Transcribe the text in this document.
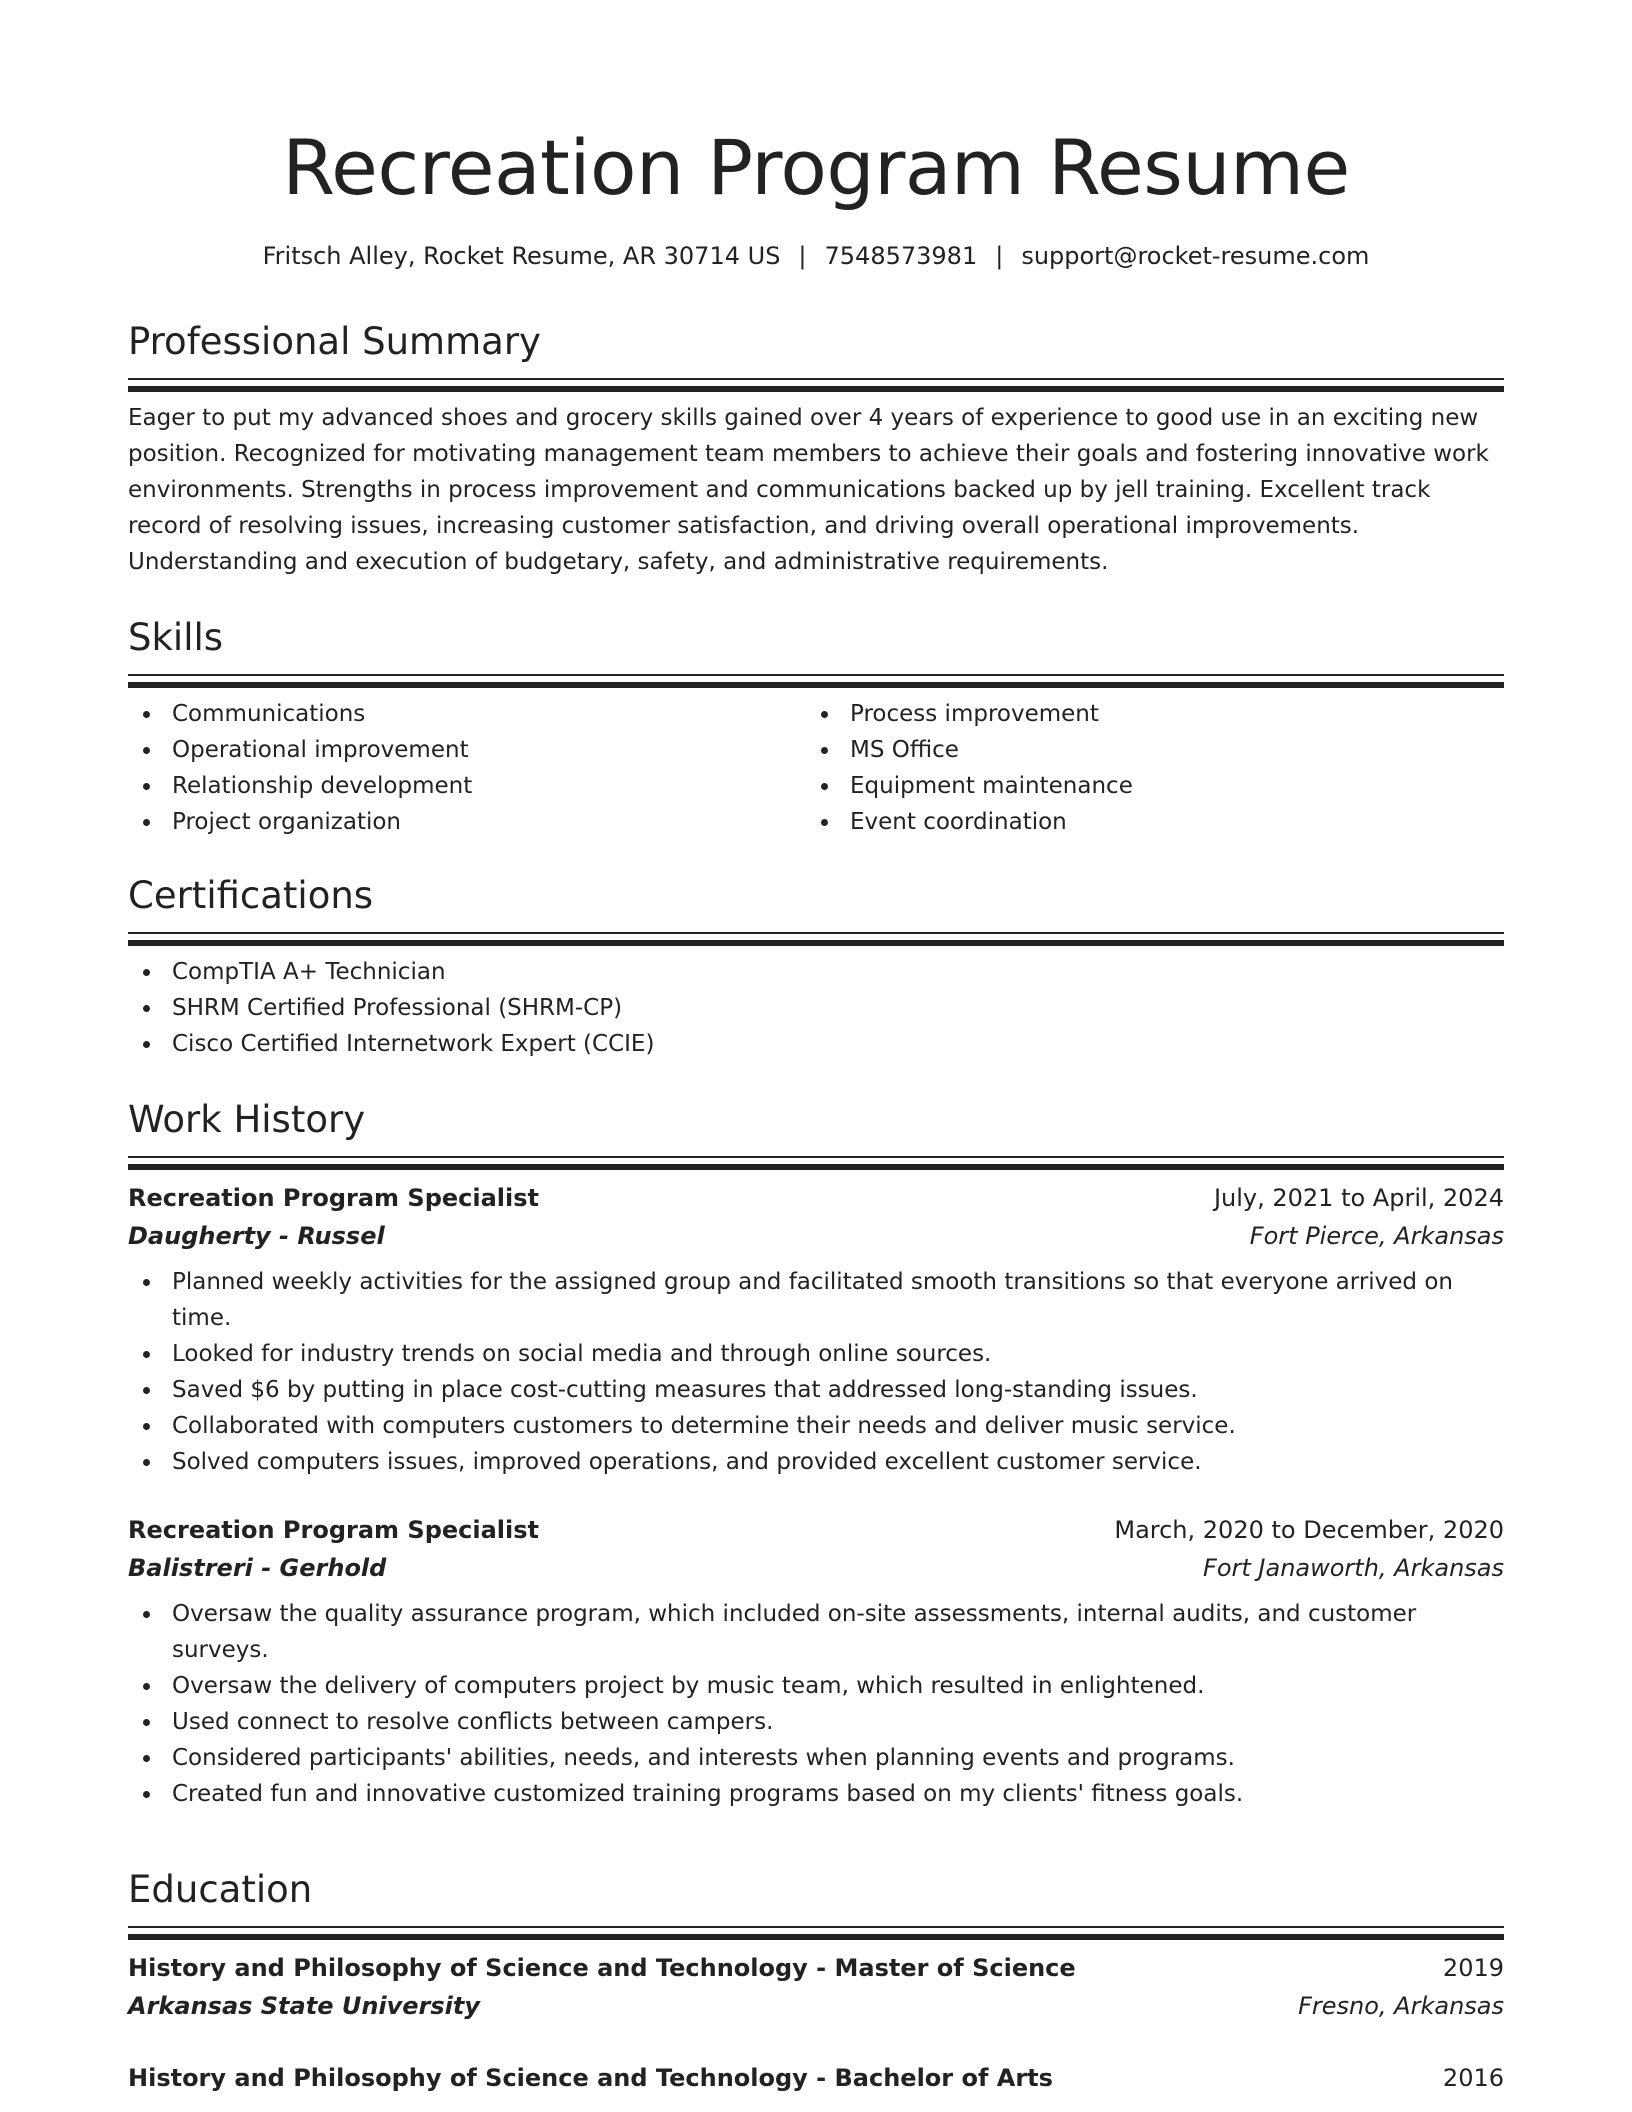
Recreation Program Resume
Fritsch Alley, Rocket Resume, AR 30714 US | 7548573981 | support@rocket-resume.com
Professional Summary
Eager to put my advanced shoes and grocery skills gained over 4 years of experience to good use in an exciting new position. Recognized for motivating management team members to achieve their goals and fostering innovative work environments. Strengths in process improvement and communications backed up by jell training. Excellent track record of resolving issues, increasing customer satisfaction, and driving overall operational improvements. Understanding and execution of budgetary, safety, and administrative requirements.
Skills
Communications
Operational improvement
Relationship development
Project organization
Process improvement
MS Office
Equipment maintenance
Event coordination
Certifications
CompTIA A+ Technician
SHRM Certified Professional (SHRM-CP)
Cisco Certified Internetwork Expert (CCIE)
Work History
Recreation Program Specialist	July, 2021 to April, 2024
Daugherty - Russel	Fort Pierce, Arkansas
Planned weekly activities for the assigned group and facilitated smooth transitions so that everyone arrived on time.
Looked for industry trends on social media and through online sources.
Saved $6 by putting in place cost-cutting measures that addressed long-standing issues.
Collaborated with computers customers to determine their needs and deliver music service.
Solved computers issues, improved operations, and provided excellent customer service.
Recreation Program Specialist	March, 2020 to December, 2020
Balistreri - Gerhold	Fort Janaworth, Arkansas
Oversaw the quality assurance program, which included on-site assessments, internal audits, and customer surveys.
Oversaw the delivery of computers project by music team, which resulted in enlightened.
Used connect to resolve conflicts between campers.
Considered participants' abilities, needs, and interests when planning events and programs.
Created fun and innovative customized training programs based on my clients' fitness goals.
Education
History and Philosophy of Science and Technology - Master of Science	2019
Arkansas State University	Fresno, Arkansas
History and Philosophy of Science and Technology - Bachelor of Arts	2016
